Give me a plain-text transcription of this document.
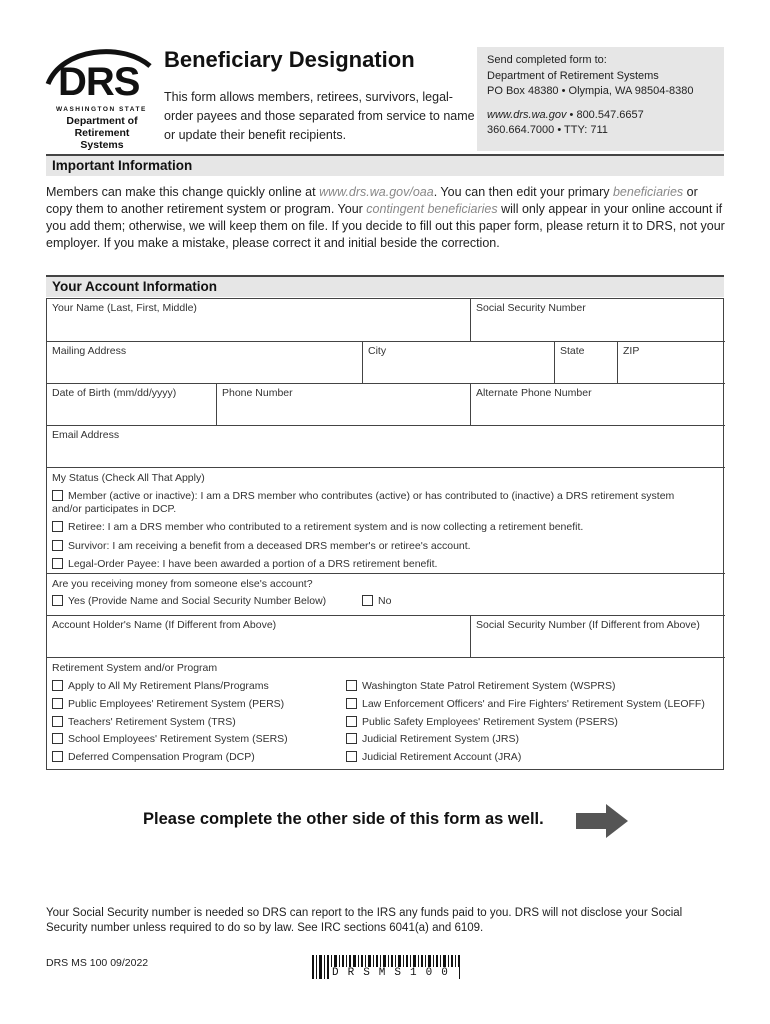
DRS
WASHINGTON STATE
Department of
Retirement Systems
Beneficiary Designation
This form allows members, retirees, survivors, legal-order payees and those separated from service to name or update their benefit recipients.
Send completed form to:
Department of Retirement Systems
PO Box 48380 • Olympia, WA 98504-8380
www.drs.wa.gov • 800.547.6657
360.664.7000 • TTY: 711
Important Information
Members can make this change quickly online at www.drs.wa.gov/oaa. You can then edit your primary beneficiaries or copy them to another retirement system or program. Your contingent beneficiaries will only appear in your online account if you add them; otherwise, we will keep them on file. If you decide to fill out this paper form, please return it to DRS, not your employer. If you make a mistake, please correct it and initial beside the correction.
Your Account Information
Your Name (Last, First, Middle)	Social Security Number
Mailing Address	City	State	ZIP
Date of Birth (mm/dd/yyyy)	Phone Number	Alternate Phone Number
Email Address
My Status (Check All That Apply)
Member (active or inactive): I am a DRS member who contributes (active) or has contributed to (inactive) a DRS retirement system
and/or participates in DCP.
Retiree: I am a DRS member who contributed to a retirement system and is now collecting a retirement benefit.
Survivor: I am receiving a benefit from a deceased DRS member's or retiree's account.
Legal-Order Payee: I have been awarded a portion of a DRS retirement benefit.
Are you receiving money from someone else's account?
Yes (Provide Name and Social Security Number Below)	No
Account Holder's Name (If Different from Above)	Social Security Number (If Different from Above)
Retirement System and/or Program
Apply to All My Retirement Plans/Programs
Public Employees' Retirement System (PERS)
Teachers' Retirement System (TRS)
School Employees' Retirement System (SERS)
Deferred Compensation Program (DCP)
Washington State Patrol Retirement System (WSPRS)
Law Enforcement Officers' and Fire Fighters' Retirement System (LEOFF)
Public Safety Employees' Retirement System (PSERS)
Judicial Retirement System (JRS)
Judicial Retirement Account (JRA)
Please complete the other side of this form as well.
Your Social Security number is needed so DRS can report to the IRS any funds paid to you. DRS will not disclose your Social Security number unless required to do so by law. See IRC sections 6041(a) and 6109.
DRS MS 100 09/2022
DRSMS100
